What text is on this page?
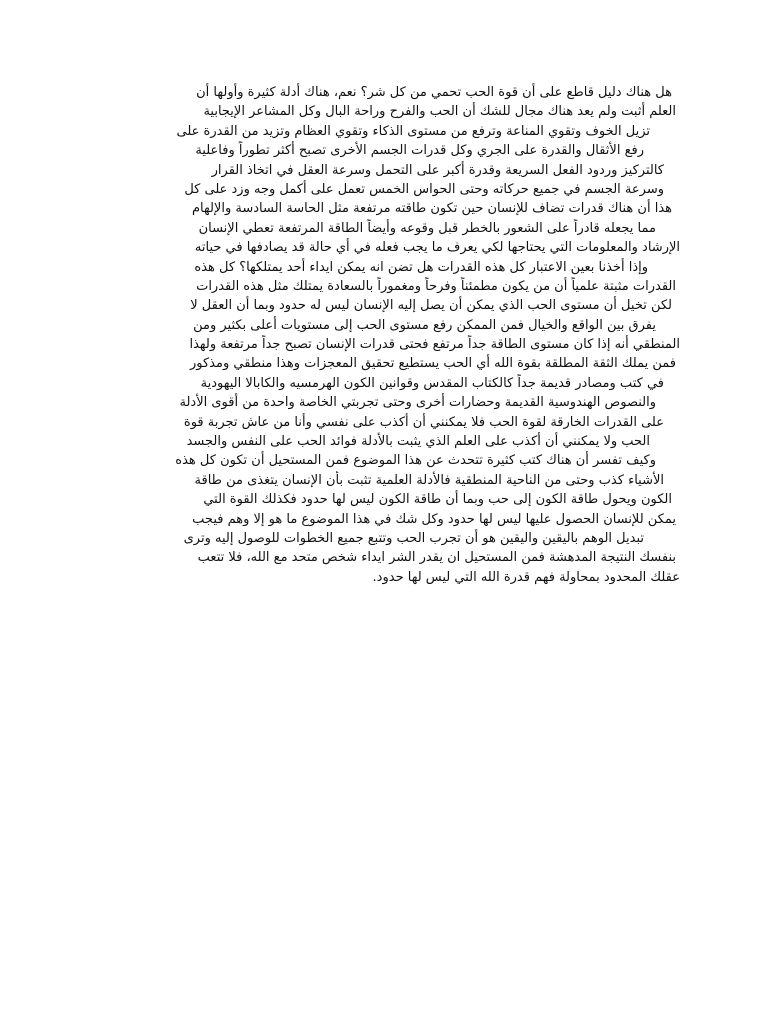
هل هناك دليل قاطع على أن قوة الحب تحمي من كل شر؟ نعم، هناك أدلة كثيرة وأولها أن
العلم أثبت ولم يعد هناك مجال للشك أن الحب والفرح وراحة البال وكل المشاعر الإيجابية
تزيل الخوف وتقوي المناعة وترفع من مستوى الذكاء وتقوي العظام وتزيد من القدرة على
رفع الأثقال والقدرة على الجري وكل قدرات الجسم الأخرى تصبح أكثر تطوراً وفاعلية
كالتركيز وردود الفعل السريعة وقدرة أكبر على التحمل وسرعة العقل في اتخاذ القرار
وسرعة الجسم في جميع حركاته وحتى الحواس الخمس تعمل على أكمل وجه وزد على كل
هذا أن هناك قدرات تضاف للإنسان حين تكون طاقته مرتفعة مثل الحاسة السادسة والإلهام
مما يجعله قادراً على الشعور بالخطر قبل وقوعه وأيضاً الطاقة المرتفعة تعطي الإنسان
الإرشاد والمعلومات التي يحتاجها لكي يعرف ما يجب فعله في أي حالة قد يصادفها في حياته
وإذا أخذنا بعين الاعتبار كل هذه القدرات هل تضن انه يمكن ايداء أحد يمتلكها؟ كل هذه
القدرات مثبتة علمياً أن من يكون مطمئناً وفرحاً ومغموراً بالسعادة يمتلك مثل هذه القدرات
لكن تخيل أن مستوى الحب الذي يمكن أن يصل إليه الإنسان ليس له حدود وبما أن العقل لا
يفرق بين الواقع والخيال فمن الممكن رفع مستوى الحب إلى مستويات أعلى بكثير ومن
المنطقي أنه إذا كان مستوى الطاقة جداً مرتفع فحتى قدرات الإنسان تصبح جداً مرتفعة ولهذا
فمن يملك الثقة المطلقة بقوة الله أي الحب يستطيع تحقيق المعجزات وهذا منطقي ومذكور
في كتب ومصادر قديمة جداً كالكتاب المقدس وقوانين الكون الهرمسيه والكابالا اليهودية
والنصوص الهندوسية القديمة وحضارات أخرى وحتى تجربتي الخاصة واحدة من أقوى الأدلة
على القدرات الخارقة لقوة الحب فلا يمكنني أن أكذب على نفسي وأنا من عاش تجربة قوة
الحب ولا يمكنني أن أكذب على العلم الذي يثبت بالأدلة فوائد الحب على النفس والجسد
وكيف تفسر أن هناك كتب كثيرة تتحدث عن هذا الموضوع فمن المستحيل أن تكون كل هذه
الأشياء كذب وحتى من الناحية المنطقية فالأدلة العلمية تثبت بأن الإنسان يتغذى من طاقة
الكون ويحول طاقة الكون إلى حب وبما أن طاقة الكون ليس لها حدود فكذلك القوة التي
يمكن للإنسان الحصول عليها ليس لها حدود وكل شك في هذا الموضوع ما هو إلا وهم فيجب
تبديل الوهم باليقين واليقين هو أن تجرب الحب وتتبع جميع الخطوات للوصول إليه وترى
بنفسك النتيجة المدهشة فمن المستحيل ان يقدر الشر ايداء شخص متحد مع الله، فلا تتعب
عقلك المحدود بمحاولة فهم قدرة الله التي ليس لها حدود.
